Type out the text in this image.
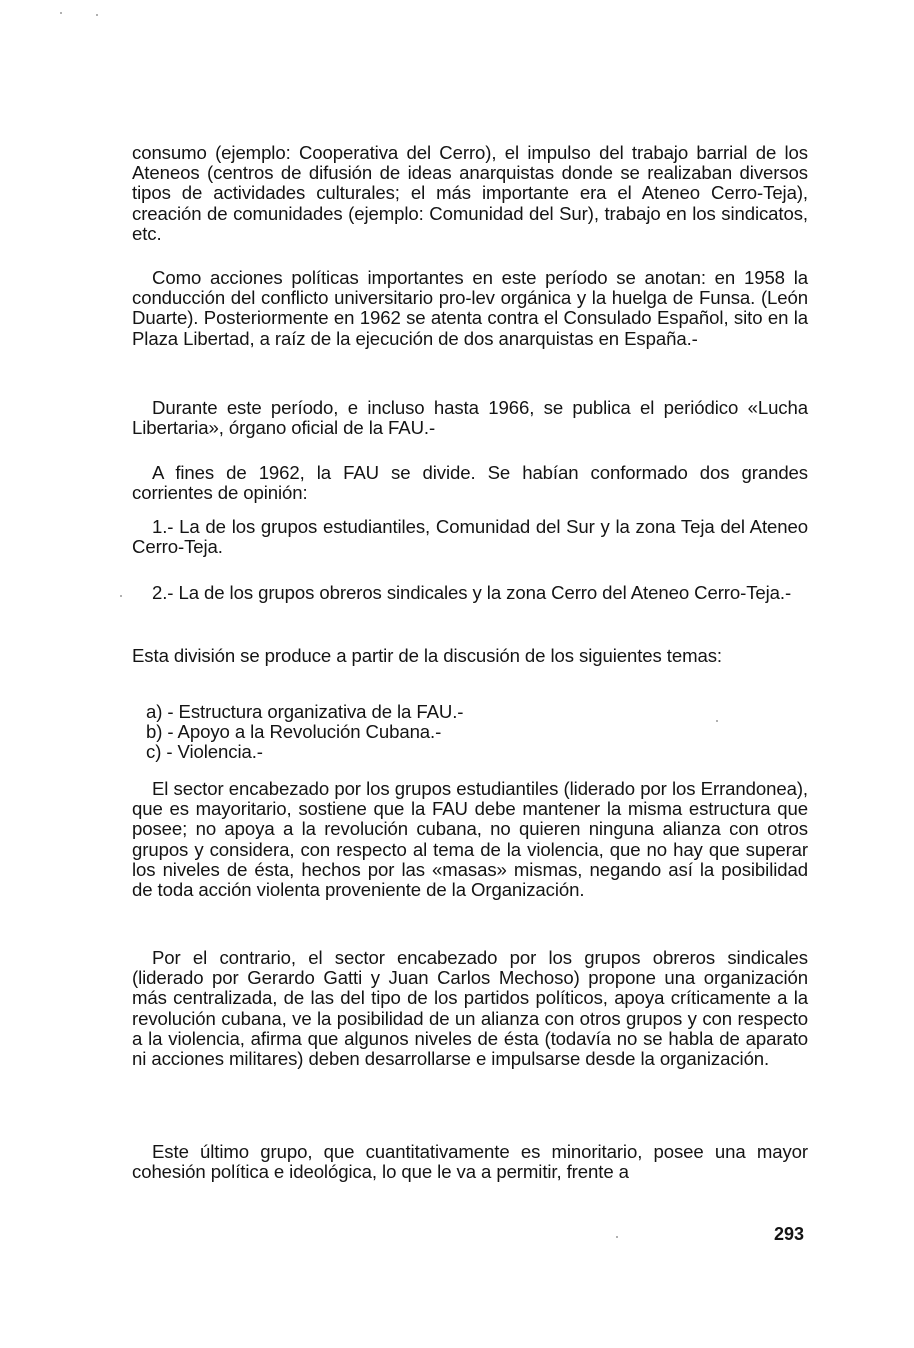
consumo (ejemplo: Cooperativa del Cerro), el impulso del trabajo barrial de los Ateneos (centros de difusión de ideas anarquistas donde se realizaban diversos tipos de actividades culturales; el más importante era el Ateneo Cerro-Teja), creación de comunidades (ejemplo: Comunidad del Sur), trabajo en los sindicatos, etc.

Como acciones políticas importantes en este período se anotan: en 1958 la conducción del conflicto universitario pro-lev orgánica y la huelga de Funsa. (León Duarte). Posteriormente en 1962 se atenta contra el Consulado Español, sito en la Plaza Libertad, a raíz de la ejecución de dos anarquistas en España.-

Durante este período, e incluso hasta 1966, se publica el periódico «Lucha Libertaria», órgano oficial de la FAU.-

A fines de 1962, la FAU se divide. Se habían conformado dos grandes corrientes de opinión:

1.- La de los grupos estudiantiles, Comunidad del Sur y la zona Teja del Ateneo Cerro-Teja.

2.- La de los grupos obreros sindicales y la zona Cerro del Ateneo Cerro-Teja.-

Esta división se produce a partir de la discusión de los siguientes temas:

a) - Estructura organizativa de la FAU.-
b) - Apoyo a la Revolución Cubana.-
c) - Violencia.-

El sector encabezado por los grupos estudiantiles (liderado por los Errandonea), que es mayoritario, sostiene que la FAU debe mantener la misma estructura que posee; no apoya a la revolución cubana, no quieren ninguna alianza con otros grupos y considera, con respecto al tema de la violencia, que no hay que superar los niveles de ésta, hechos por las «masas» mismas, negando así la posibilidad de toda acción violenta proveniente de la Organización.

Por el contrario, el sector encabezado por los grupos obreros sindicales (liderado por Gerardo Gatti y Juan Carlos Mechoso) propone una organización más centralizada, de las del tipo de los partidos políticos, apoya críticamente a la revolución cubana, ve la posibilidad de un alianza con otros grupos y con respecto a la violencia, afirma que algunos niveles de ésta (todavía no se habla de aparato ni acciones militares) deben desarrollarse e impulsarse desde la organización.

Este último grupo, que cuantitativamente es minoritario, posee una mayor cohesión política e ideológica, lo que le va a permitir, frente a

293
